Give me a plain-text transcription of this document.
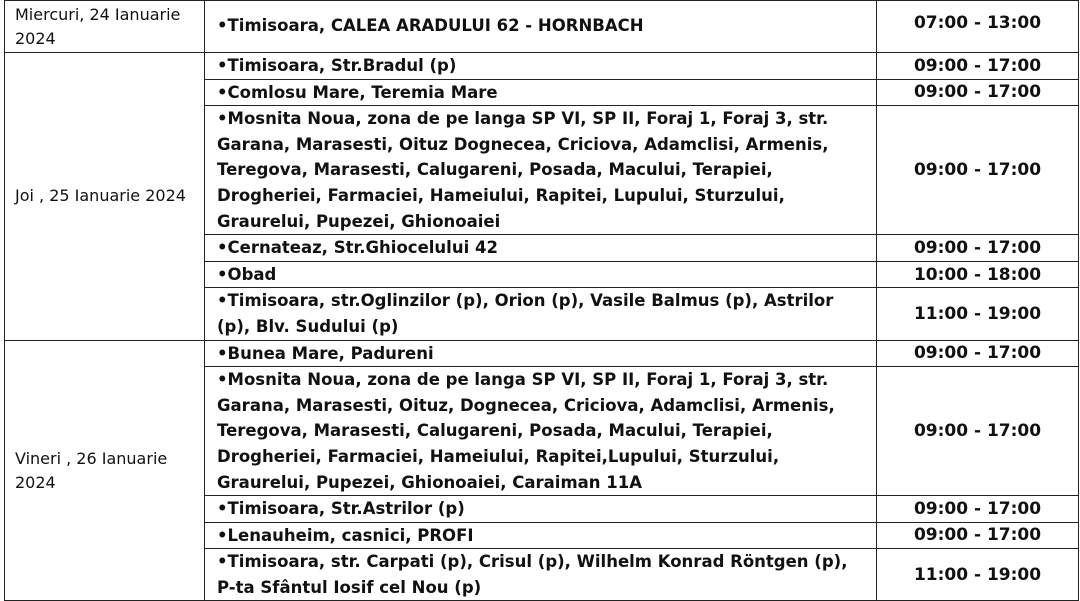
Miercuri, 24 Ianuarie 2024	•Timisoara, CALEA ARADULUI 62 - HORNBACH	07:00 - 13:00
Joi , 25 Ianuarie 2024	•Timisoara, Str.Bradul (p)	09:00 - 17:00
	•Comlosu Mare, Teremia Mare	09:00 - 17:00
	•Mosnita Noua, zona de pe langa SP VI, SP II, Foraj 1, Foraj 3, str. Garana, Marasesti, Oituz Dognecea, Criciova, Adamclisi, Armenis, Teregova, Marasesti, Calugareni, Posada, Macului, Terapiei, Drogheriei, Farmaciei, Hameiului, Rapitei, Lupului, Sturzului, Graurelui, Pupezei, Ghionoaiei	09:00 - 17:00
	•Cernateaz, Str.Ghiocelului 42	09:00 - 17:00
	•Obad	10:00 - 18:00
	•Timisoara, str.Oglinzilor (p), Orion (p), Vasile Balmus (p), Astrilor (p), Blv. Sudului (p)	11:00 - 19:00
Vineri , 26 Ianuarie 2024	•Bunea Mare, Padureni	09:00 - 17:00
	•Mosnita Noua, zona de pe langa SP VI, SP II, Foraj 1, Foraj 3, str. Garana, Marasesti, Oituz, Dognecea, Criciova, Adamclisi, Armenis, Teregova, Marasesti, Calugareni, Posada, Macului, Terapiei, Drogheriei, Farmaciei, Hameiului, Rapitei,Lupului, Sturzului, Graurelui, Pupezei, Ghionoaiei, Caraiman 11A	09:00 - 17:00
	•Timisoara, Str.Astrilor (p)	09:00 - 17:00
	•Lenauheim, casnici, PROFI	09:00 - 17:00
	•Timisoara, str. Carpati (p), Crisul (p), Wilhelm Konrad Röntgen (p), P-ta Sfântul Iosif cel Nou (p)	11:00 - 19:00
